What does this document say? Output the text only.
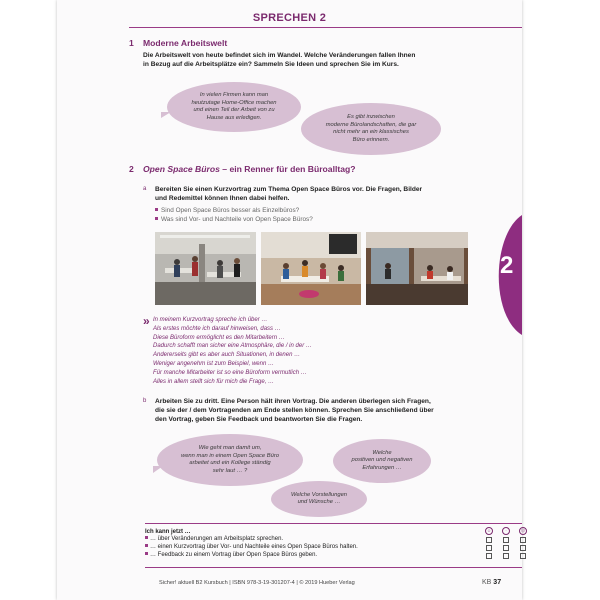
SPRECHEN 2
1 Moderne Arbeitswelt
Die Arbeitswelt von heute befindet sich im Wandel. Welche Veränderungen fallen Ihnen
in Bezug auf die Arbeitsplätze ein? Sammeln Sie Ideen und sprechen Sie im Kurs.
In vielen Firmen kann man
heutzutage Home-Office machen
und einen Teil der Arbeit von zu
Hause aus erledigen.	Es gibt inzwischen
moderne Bürolandschaften, die gar
nicht mehr an ein klassisches
Büro erinnern.
2 Open Space Büros – ein Renner für den Büroalltag?
a Bereiten Sie einen Kurzvortrag zum Thema Open Space Büros vor. Die Fragen, Bilder
und Redemittel können Ihnen dabei helfen.
Sind Open Space Büros besser als Einzelbüros?
Was sind Vor- und Nachteile von Open Space Büros?
» In meinem Kurzvortrag spreche ich über …
Als erstes möchte ich darauf hinweisen, dass …
Diese Büroform ermöglicht es den Mitarbeitern …
Dadurch schafft man sicher eine Atmosphäre, die / in der …
Andererseits gibt es aber auch Situationen, in denen …
Weniger angenehm ist zum Beispiel, wenn …
Für manche Mitarbeiter ist so eine Büroform vermutlich …
Alles in allem stellt sich für mich die Frage, …
b Arbeiten Sie zu dritt. Eine Person hält ihren Vortrag. Die anderen überlegen sich Fragen,
die sie der / dem Vortragenden am Ende stellen können. Sprechen Sie anschließend über
den Vortrag, geben Sie Feedback und beantworten Sie die Fragen.
Wie geht man damit um,
wenn man in einem Open Space Büro
arbeitet und ein Kollege ständig
sehr laut … ?
Welche
positiven und negativen
Erfahrungen …
Welche Vorstellungen
und Wünsche …
Ich kann jetzt …
… über Veränderungen am Arbeitsplatz sprechen.
… einen Kurzvortrag über Vor- und Nachteile eines Open Space Büros halten.
… Feedback zu einem Vortrag über Open Space Büros geben.
☺	·	☹
Sicher! aktuell B2 Kursbuch | ISBN 978-3-19-301207-4 | © 2019 Hueber Verlag	KB 37
2
